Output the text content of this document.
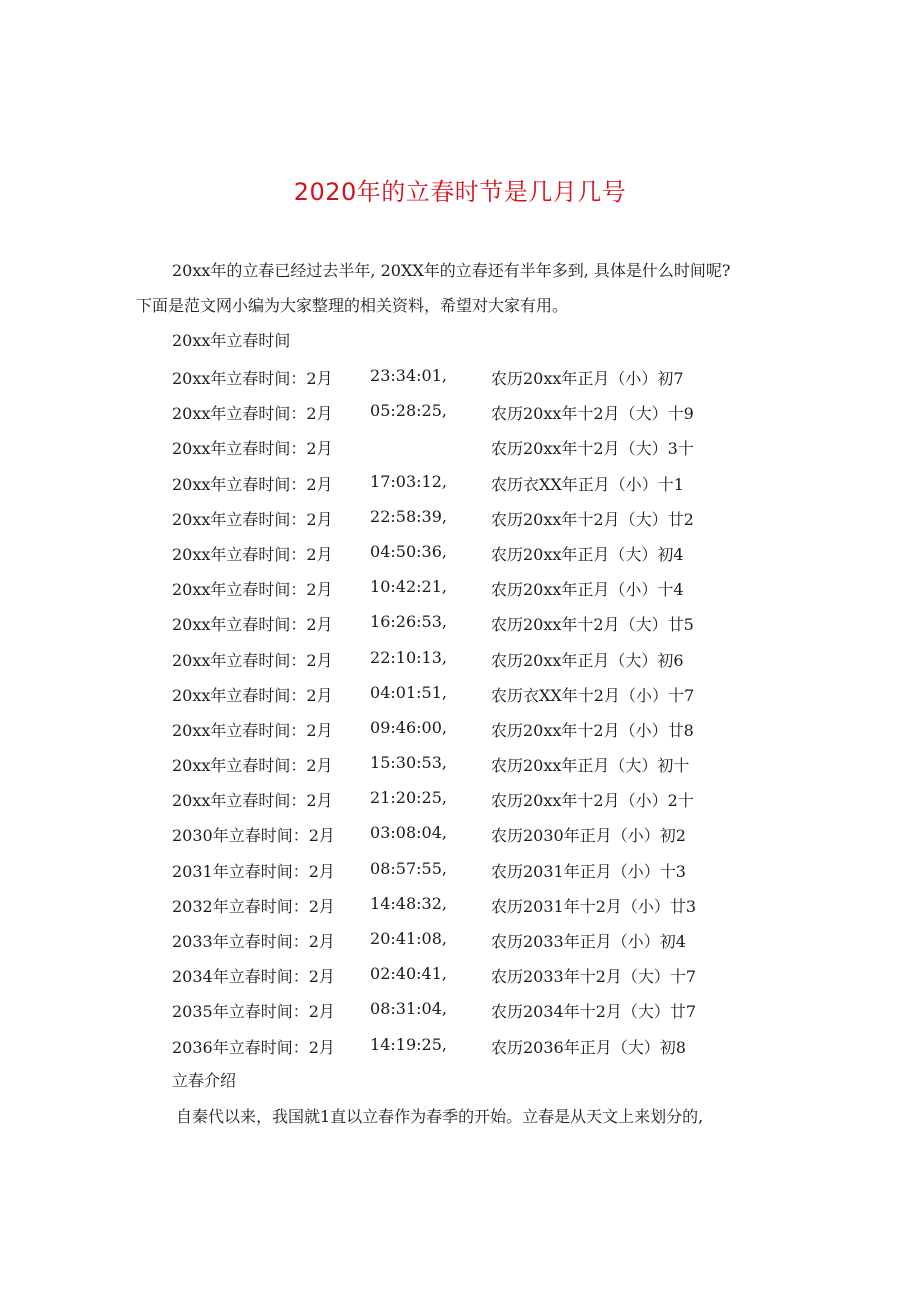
2020年的立春时节是几月几号
20xx年的立春已经过去半年, 20XX年的立春还有半年多到, 具体是什么时间呢?
下面是范文网小编为大家整理的相关资料，希望对大家有用。
20xx年立春时间
20xx年立春时间：2月 23:34:01,	农历20xx年正月（小）初7
20xx年立春时间：2月 05:28:25,	农历20xx年十2月（大）十9
20xx年立春时间：2月	农历20xx年十2月（大）3十
20xx年立春时间：2月 17:03:12,	农历衣XX年正月（小）十1
20xx年立春时间：2月 22:58:39,	农历20xx年十2月（大）廿2
20xx年立春时间：2月 04:50:36,	农历20xx年正月（大）初4
20xx年立春时间：2月 10:42:21,	农历20xx年正月（小）十4
20xx年立春时间：2月 16:26:53,	农历20xx年十2月（大）廿5
20xx年立春时间：2月 22:10:13,	农历20xx年正月（大）初6
20xx年立春时间：2月 04:01:51,	农历衣XX年十2月（小）十7
20xx年立春时间：2月 09:46:00,	农历20xx年十2月（小）廿8
20xx年立春时间：2月 15:30:53,	农历20xx年正月（大）初十
20xx年立春时间：2月 21:20:25,	农历20xx年十2月（小）2十
2030年立春时间：2月 03:08:04,	农历2030年正月（小）初2
2031年立春时间：2月 08:57:55,	农历2031年正月（小）十3
2032年立春时间：2月 14:48:32,	农历2031年十2月（小）廿3
2033年立春时间：2月 20:41:08,	农历2033年正月（小）初4
2034年立春时间：2月 02:40:41,	农历2033年十2月（大）十7
2035年立春时间：2月 08:31:04,	农历2034年十2月（大）廿7
2036年立春时间：2月 14:19:25,	农历2036年正月（大）初8
立春介绍
自秦代以来，我国就1直以立春作为春季的开始。立春是从天文上来划分的,
